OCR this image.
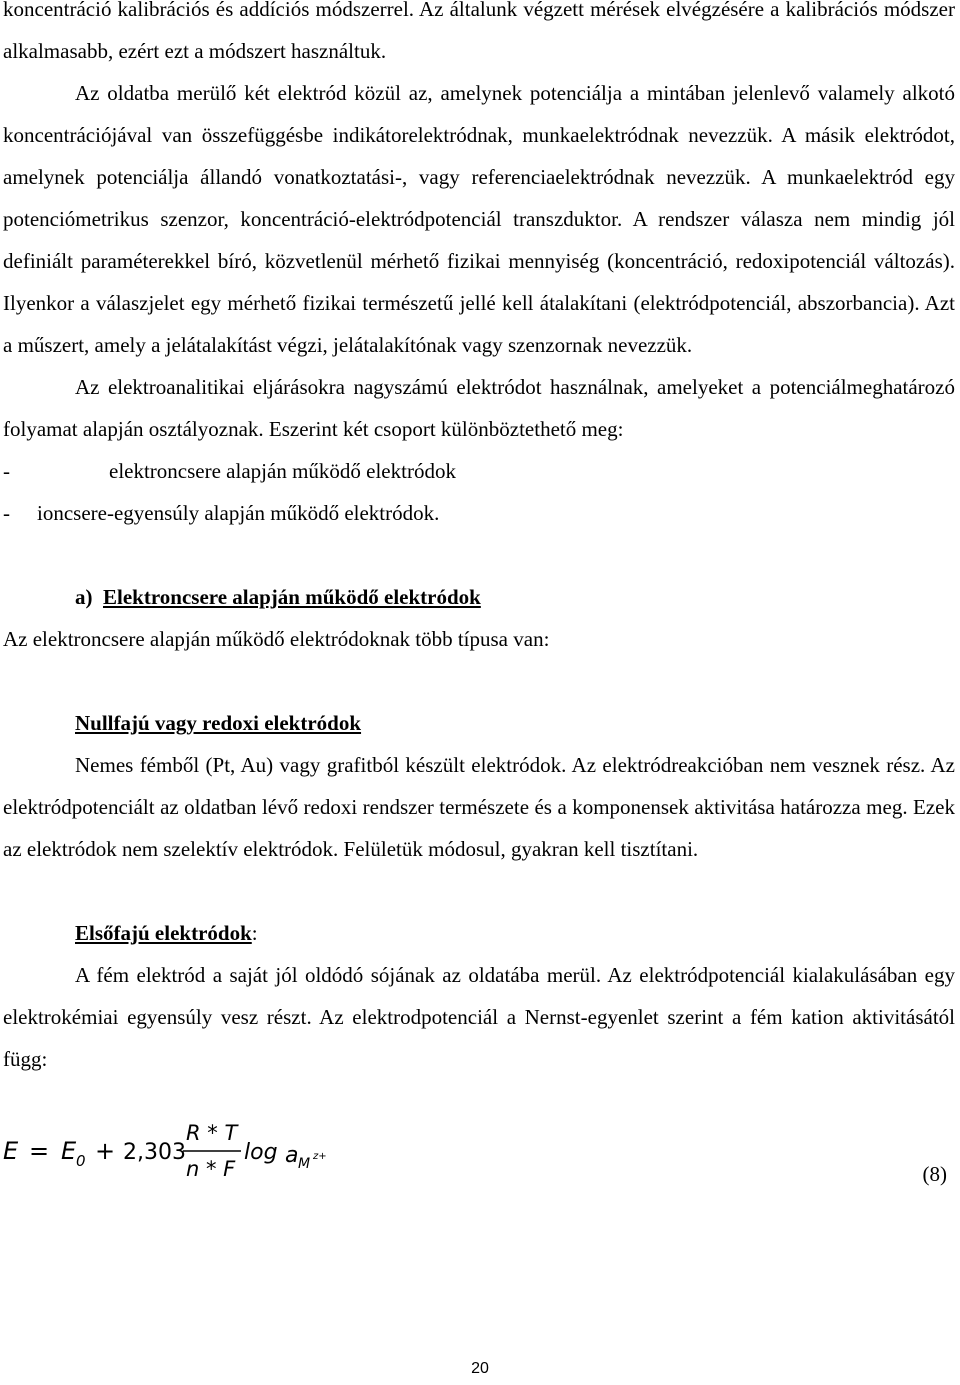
koncentráció kalibrációs és addíciós módszerrel. Az általunk végzett mérések elvégzésére a kalibrációs módszer alkalmasabb, ezért ezt a módszert használtuk.

Az oldatba merülő két elektród közül az, amelynek potenciálja a mintában jelenlevő valamely alkotó koncentrációjával van összefüggésbe indikátorelektródnak, munkaelektródnak nevezzük. A másik elektródot, amelynek potenciálja állandó vonatkoztatási-, vagy referenciaelektródnak nevezzük. A munkaelektród egy potenciómetrikus szenzor, koncentráció-elektródpotenciál transzduktor. A rendszer válasza nem mindig jól definiált paraméterekkel bíró, közvetlenül mérhető fizikai mennyiség (koncentráció, redoxipotenciál változás). Ilyenkor a válaszjelet egy mérhető fizikai természetű jellé kell átalakítani (elektródpotenciál, abszorbancia). Azt a műszert, amely a jelátalakítást végzi, jelátalakítónak vagy szenzornak nevezzük.

Az elektroanalitikai eljárásokra nagyszámú elektródot használnak, amelyeket a potenciálmeghatározó folyamat alapján osztályoznak. Eszerint két csoport különböztethető meg:

-	elektroncsere alapján működő elektródok
-	ioncsere-egyensúly alapján működő elektródok.

a) Elektroncsere alapján működő elektródok

Az elektroncsere alapján működő elektródoknak több típusa van:

Nullfajú vagy redoxi elektródok

Nemes fémből (Pt, Au) vagy grafitból készült elektródok. Az elektródreakcióban nem vesznek rész. Az elektródpotenciált az oldatban lévő redoxi rendszer természete és a komponensek aktivitása határozza meg. Ezek az elektródok nem szelektív elektródok. Felületük módosul, gyakran kell tisztítani.

Elsőfajú elektródok:

A fém elektród a saját jól oldódó sójának az oldatába merül. Az elektródpotenciál kialakulásában egy elektrokémiai egyensúly vesz részt. Az elektrodpotenciál a Nernst-egyenlet szerint a fém kation aktivitásától függ:

E = E 0 + 2,303
R * T
n * F
log a M z+
(8)
20
